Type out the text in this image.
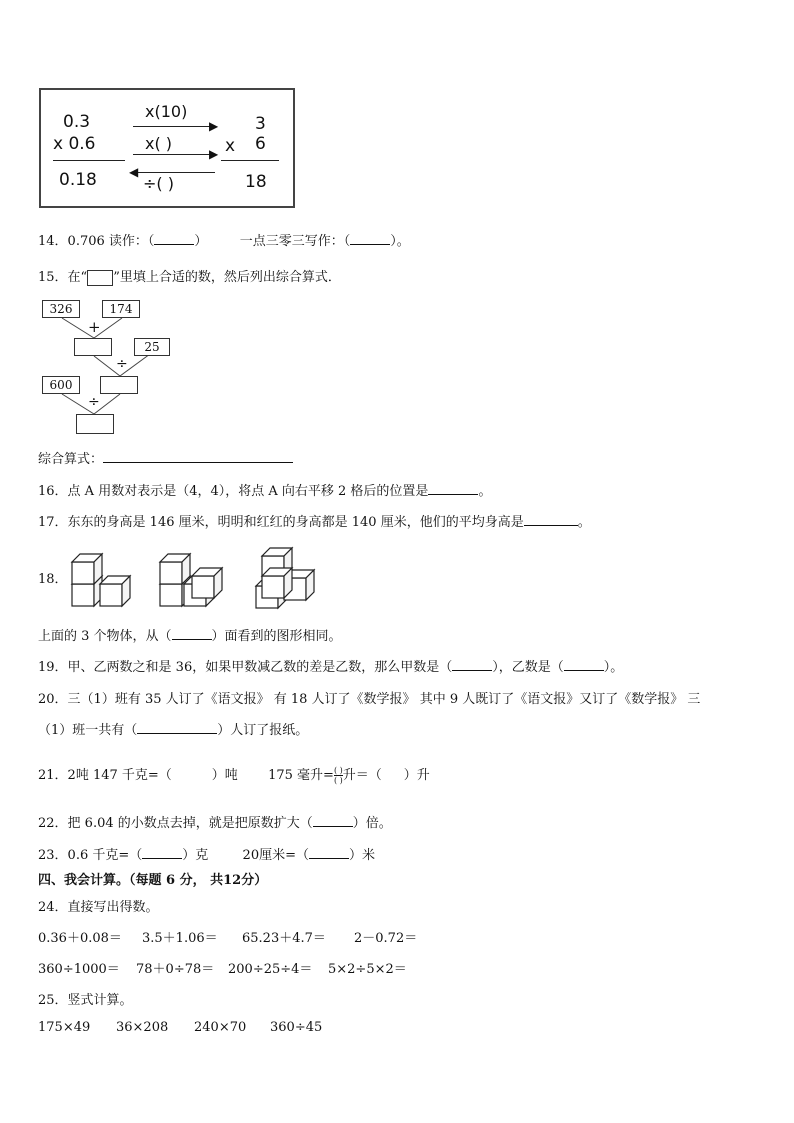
0.3
x 0.6
0.18
x(10)
▶
x( )
▶
◀
÷( )
3
x 6
18
14．0.706 读作：（	） 一点三零三写作：（	）。
15．在“ ”里填上合适的数，然后列出综合算式．
326	174
+
25
÷
600
÷
综合算式：
16．点 A 用数对表示是（4，4），将点 A 向右平移 2 格后的位置是	。
17．东东的身高是 146 厘米，明明和红红的身高都是 140 厘米，他们的平均身高是	。
18．
上面的 3 个物体，从（	）面看到的图形相同。
19．甲、乙两数之和是 36，如果甲数减乙数的差是乙数，那么甲数是（	），乙数是（	）。
20．三（1）班有 35 人订了《语文报》 有 18 人订了《数学报》 其中 9 人既订了《语文报》又订了《数学报》 三
（1）班一共有（	）人订了报纸。
21．2吨 147 千克=（	）吨 175 毫升= ( )
( ) 升＝（ ）升
22．把 6.04 的小数点去掉，就是把原数扩大（	）倍。
23．0.6 千克=（	）克	20厘米=（	）米
四、我会计算。（每题 6 分， 共12分）
24．直接写出得数。
0.36＋0.08＝ 3.5＋1.06＝ 65.23＋4.7＝ 2－0.72＝
360÷1000＝ 78＋0÷78＝ 200÷25÷4＝ 5×2÷5×2＝
25．竖式计算。
175×49 36×208 240×70 360÷45
